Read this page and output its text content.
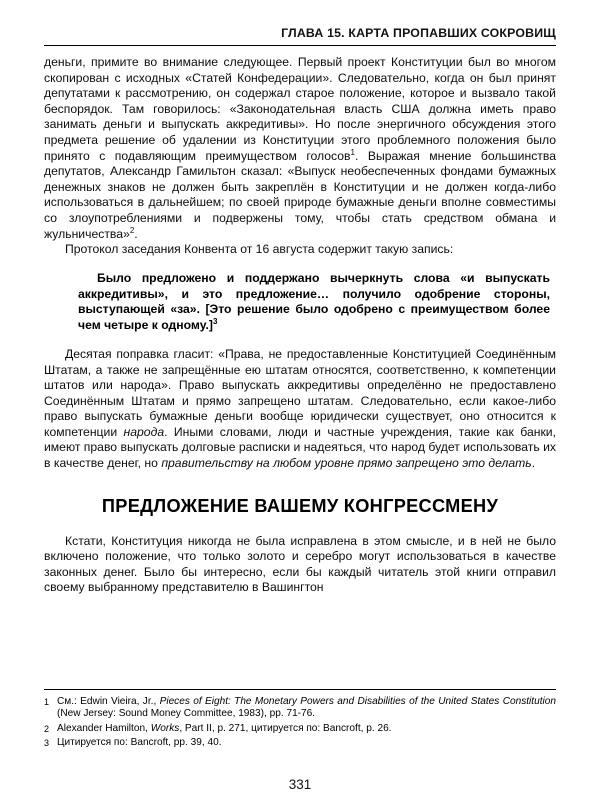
ГЛАВА 15. КАРТА ПРОПАВШИХ СОКРОВИЩ

деньги, примите во внимание следующее. Первый проект Конституции был во многом скопирован с исходных «Статей Конфедерации». Следовательно, когда он был принят депутатами к рассмотрению, он содержал старое положение, которое и вызвало такой беспорядок. Там говорилось: «Законодательная власть США должна иметь право занимать деньги и выпускать аккредитивы». Но после энергичного обсуждения этого предмета решение об удалении из Конституции этого проблемного положения было принято с подавляющим преимуществом голосов$^1$. Выражая мнение большинства депутатов, Александр Гамильтон сказал: «Выпуск необеспеченных фондами бумажных денежных знаков не должен быть закреплён в Конституции и не должен когда-либо использоваться в дальнейшем; по своей природе бумажные деньги вполне совместимы со злоупотреблениями и подвержены тому, чтобы стать средством обмана и жульничества»$^2$.

Протокол заседания Конвента от 16 августа содержит такую запись:

Было предложено и поддержано вычеркнуть слова «и выпускать аккредитивы», и это предложение… получило одобрение стороны, выступающей «за». [Это решение было одобрено с преимуществом более чем четыре к одному.]$^3$

Десятая поправка гласит: «Права, не предоставленные Конституцией Соединённым Штатам, а также не запрещённые ею штатам относятся, соответственно, к компетенции штатов или народа». Право выпускать аккредитивы определённо не предоставлено Соединённым Штатам и прямо запрещено штатам. Следовательно, если какое-либо право выпускать бумажные деньги вообще юридически существует, оно относится к компетенции народа. Иными словами, люди и частные учреждения, такие как банки, имеют право выпускать долговые расписки и надеяться, что народ будет использовать их в качестве денег, но правительству на любом уровне прямо запрещено это делать.

ПРЕДЛОЖЕНИЕ ВАШЕМУ КОНГРЕССМЕНУ

Кстати, Конституция никогда не была исправлена в этом смысле, и в ней не было включено положение, что только золото и серебро могут использоваться в качестве законных денег. Было бы интересно, если бы каждый читатель этой книги отправил своему выбранному представителю в Вашингтон

1 См.: Edwin Vieira, Jr., Pieces of Eight: The Monetary Powers and Disabilities of the United States Constitution (New Jersey: Sound Money Committee, 1983), pp. 71-76.
2 Alexander Hamilton, Works, Part II, p. 271, цитируется по: Bancroft, p. 26.
3 Цитируется по: Bancroft, pp. 39, 40.
331
